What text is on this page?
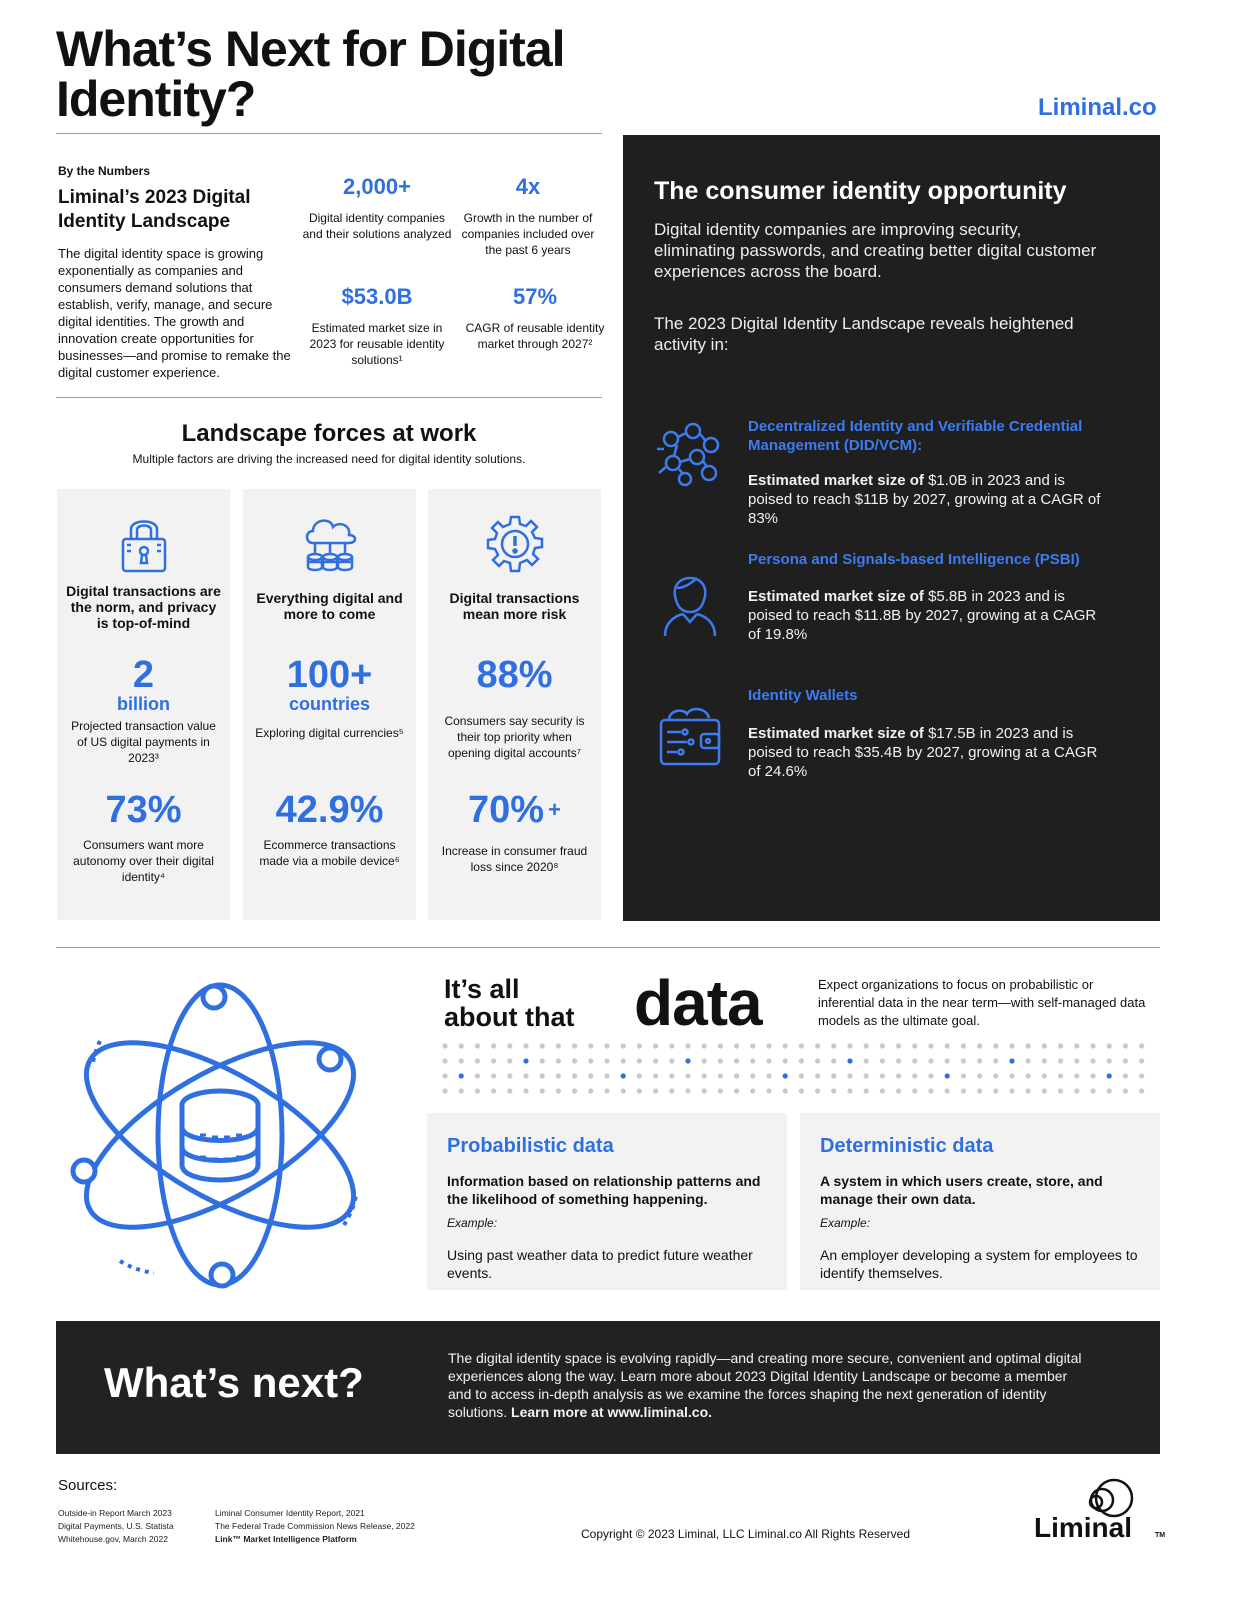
What’s Next for Digital Identity?	Liminal.co
By the Numbers
Liminal’s 2023 Digital Identity Landscape
The digital identity space is growing exponentially as companies and consumers demand solutions that establish, verify, manage, and secure digital identities. The growth and innovation create opportunities for businesses—and promise to remake the digital customer experience.
2,000+
Digital identity companies and their solutions analyzed
4x
Growth in the number of companies included over the past 6 years
$53.0B
Estimated market size in 2023 for reusable identity solutions¹
57%
CAGR of reusable identity market through 2027²
The consumer identity opportunity
Digital identity companies are improving security, eliminating passwords, and creating better digital customer experiences across the board.
The 2023 Digital Identity Landscape reveals heightened activity in:
Decentralized Identity and Verifiable Credential Management (DID/VCM):
Estimated market size of $1.0B in 2023 and is poised to reach $11B by 2027, growing at a CAGR of 83%
Persona and Signals-based Intelligence (PSBI)
Estimated market size of $5.8B in 2023 and is poised to reach $11.8B by 2027, growing at a CAGR of 19.8%
Identity Wallets
Estimated market size of $17.5B in 2023 and is poised to reach $35.4B by 2027, growing at a CAGR of 24.6%
Landscape forces at work
Multiple factors are driving the increased need for digital identity solutions.
Digital transactions are the norm, and privacy is top-of-mind
2
billion
Projected transaction value of US digital payments in 2023³
73%
Consumers want more autonomy over their digital identity⁴
Everything digital and more to come
100+
countries
Exploring digital currencies⁵
42.9%
Ecommerce transactions made via a mobile device⁶
Digital transactions mean more risk
88%
Consumers say security is their top priority when opening digital accounts⁷
70% +
Increase in consumer fraud loss since 2020⁸
It’s all
about that data	Expect organizations to focus on probabilistic or inferential data in the near term—with self-managed data models as the ultimate goal.
Probabilistic data
Information based on relationship patterns and the likelihood of something happening.
Example:
Using past weather data to predict future weather events.
Deterministic data
A system in which users create, store, and manage their own data.
Example:
An employer developing a system for employees to identify themselves.
What’s next?
The digital identity space is evolving rapidly—and creating more secure, convenient and optimal digital experiences along the way. Learn more about 2023 Digital Identity Landscape or become a member and to access in-depth analysis as we examine the forces shaping the next generation of identity solutions. Learn more at www.liminal.co.
Sources:
Outside-in Report March 2023
Digital Payments, U.S. Statista
Whitehouse.gov, March 2022
Liminal Consumer Identity Report, 2021
The Federal Trade Commission News Release, 2022
Link™ Market Intelligence Platform	Copyright © 2023 Liminal, LLC Liminal.co All Rights Reserved	Liminal	TM
